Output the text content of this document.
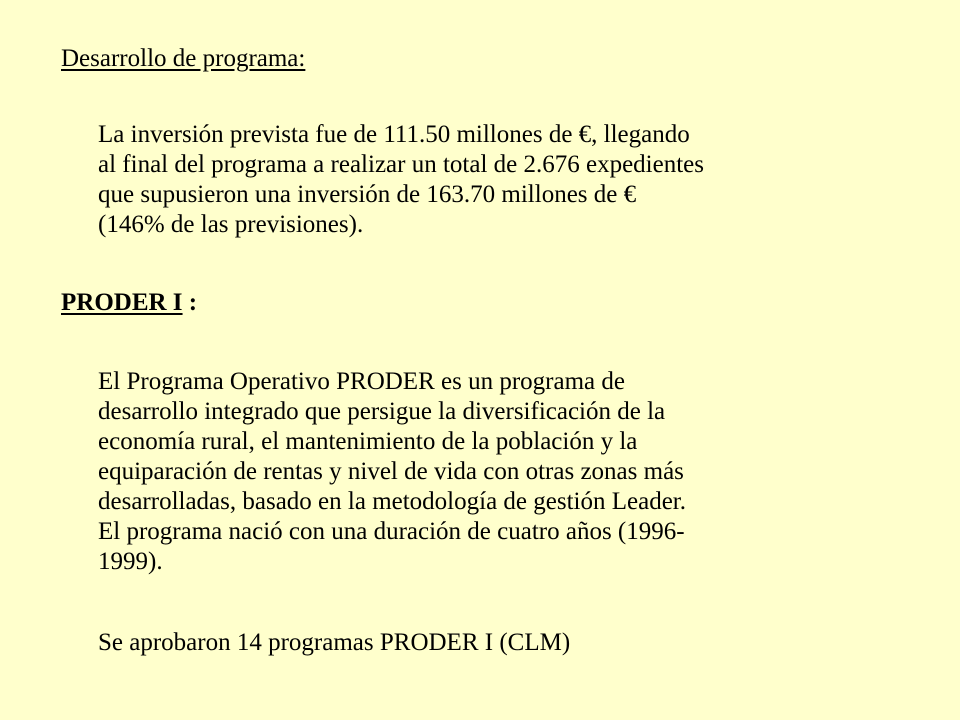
Desarrollo de programa:

La inversión prevista fue de 111.50 millones de €, llegando
al final del programa a realizar un total de 2.676 expedientes
que supusieron una inversión de 163.70 millones de €
(146% de las previsiones).

PRODER I :

El Programa Operativo PRODER es un programa de
desarrollo integrado que persigue la diversificación de la
economía rural, el mantenimiento de la población y la
equiparación de rentas y nivel de vida con otras zonas más
desarrolladas, basado en la metodología de gestión Leader.
El programa nació con una duración de cuatro años (1996-
1999).

Se aprobaron 14 programas PRODER I (CLM)
